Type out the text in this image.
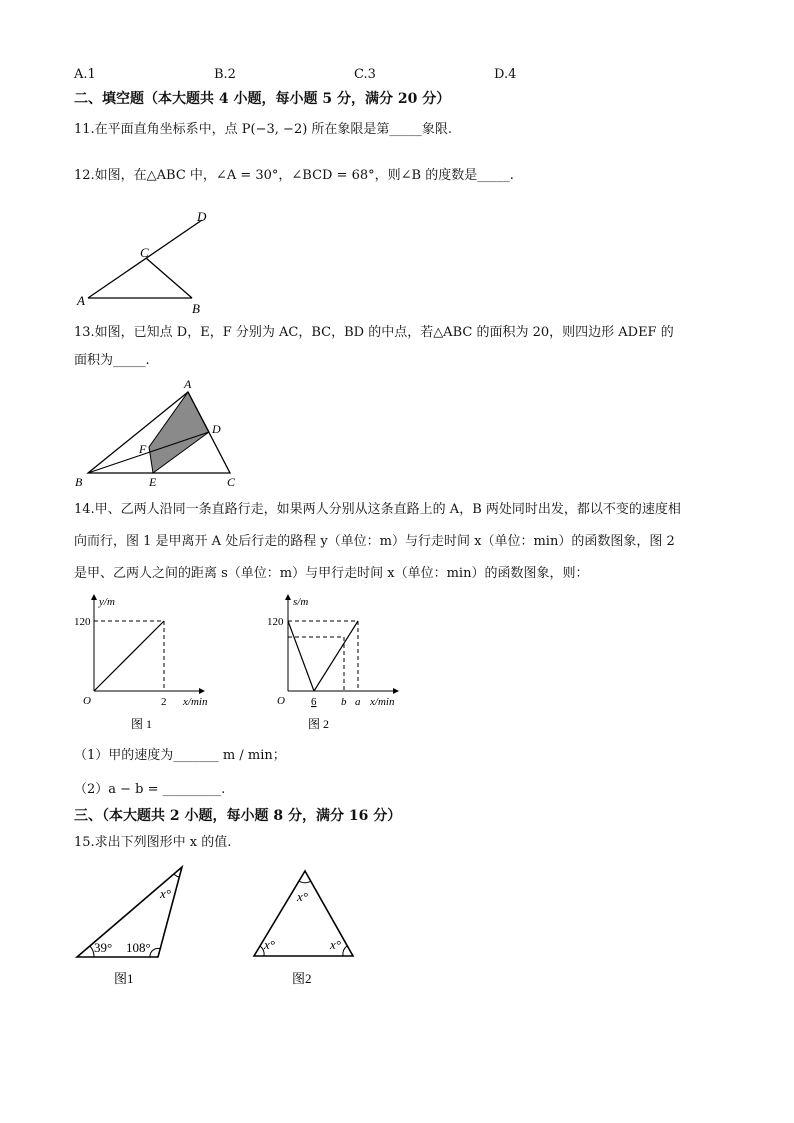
A.1	B.2	C.3	D.4
二、填空题（本大题共 4 小题，每小题 5 分，满分 20 分）
11.在平面直角坐标系中，点 P(−3, −2) 所在象限是第_____象限.
12.如图，在△ABC 中，∠A = 30°，∠BCD = 68°，则∠B 的度数是_____.
D
C
A
B
13.如图，已知点 D，E，F 分别为 AC，BC，BD 的中点，若△ABC 的面积为 20，则四边形 ADEF 的
面积为_____.
A
D
F
B	E	C
14.甲、乙两人沿同一条直路行走，如果两人分别从这条直路上的 A，B 两处同时出发，都以不变的速度相
向而行，图 1 是甲离开 A 处后行走的路程 y（单位：m）与行走时间 x（单位：min）的函数图象，图 2
是甲、乙两人之间的距离 s（单位：m）与甲行走时间 x（单位：min）的函数图象，则：
y/m
120
O	2 x/min
图 1
s/m
120
O 6 b a x/min
图 2
（1）甲的速度为_______ m / min；
（2）a − b = _________.
三、（本大题共 2 小题，每小题 8 分，满分 16 分）
15.求出下列图形中 x 的值.
39° 108°
x°
图1
x°
x°	x°
图2
